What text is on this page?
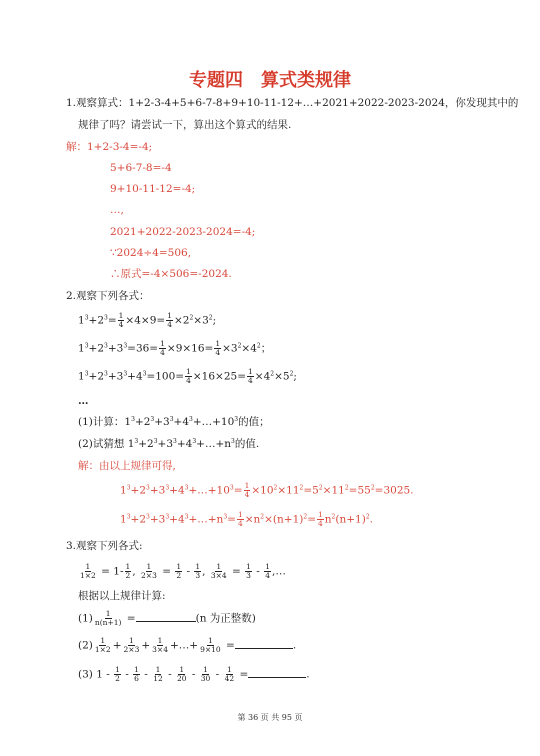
专题四　算式类规律
1.观察算式：1+2-3-4+5+6-7-8+9+10-11-12+…+2021+2022-2023-2024，你发现其中的
规律了吗？请尝试一下，算出这个算式的结果.
解：1+2-3-4=-4;
5+6-7-8=-4
9+10-11-12=-4;
…,
2021+2022-2023-2024=-4;
∵2024÷4=506,
∴原式=-4×506=-2024.
2.观察下列各式：
$1^3+2^3= \frac{1}{4} \times 4\times 9= \frac{1}{4} \times 2^2\times 3^2$;
$1^3+2^3+3^3=36= \frac{1}{4} \times 9\times 16= \frac{1}{4} \times 3^2\times 4^2$；
$1^3+2^3+3^3+4^3=100= \frac{1}{4} \times 16\times 25= \frac{1}{4} \times 4^2\times 5^2$;
…
(1)计算：$1^3+2^3+3^3+4^3+\dots+10^3$的值；
(2)试猜想 $1^3+2^3+3^3+4^3+\dots+n^3$的值.
解：由以上规律可得,
$1^3+2^3+3^3+4^3+\dots+10^3= \frac{1}{4} \times 10^2\times 11^2=5^2\times 11^2=55^2=3025$.
$1^3+2^3+3^3+4^3+\dots+n^3= \frac{1}{4} \times n^2\times(n+1)^2= \frac{1}{4} n^2(n+1)^2$.
3.观察下列各式:
$\frac{1}{1\times 2} = 1- \frac{1}{2}$ , $\frac{1}{2\times 3} = \frac{1}{2} - \frac{1}{3}$ , $\frac{1}{3\times 4} = \frac{1}{3} - \frac{1}{4}$ ,…
根据以上规律计算:
$(1) \frac{1}{n(n+1)}$ =	(n 为正整数)
$(2) \frac{1}{1\times 2} + \frac{1}{2\times 3} + \frac{1}{3\times 4}$ +…+ $\frac{1}{9\times 10}$ =	.
(3) $1 - \frac{1}{2} - \frac{1}{6} - \frac{1}{12} - \frac{1}{20} - \frac{1}{30} - \frac{1}{42}$ =	.
第 36 页 共 95 页
